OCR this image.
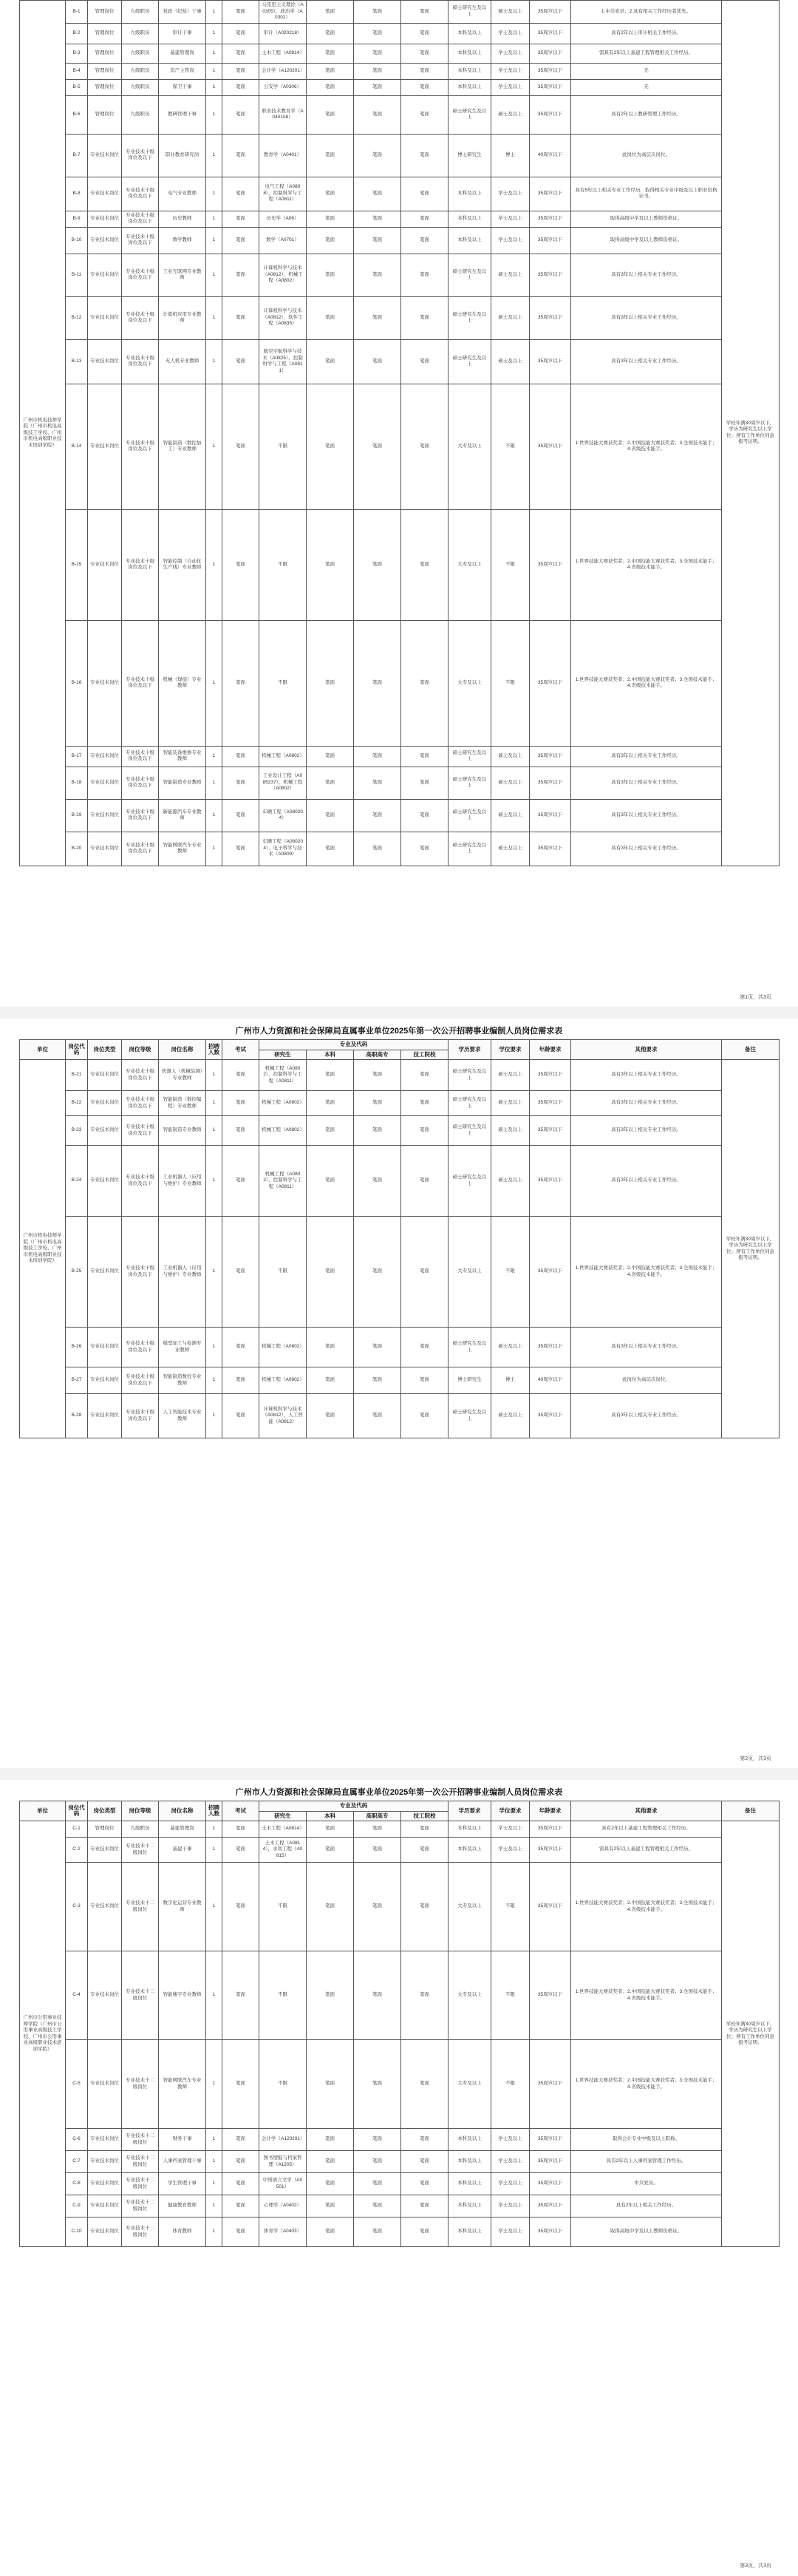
广州市机电技师学院（广州市机电高级技工学校、广州市机电高级职业技术培训学院）	B-1	管理岗位	九级职员	党政（纪检）干事	1	笔面	马克思主义理论（A0305），政治学（A0302）	笔面	笔面	笔面	硕士研究生及以上	硕士及以上	35周岁以下	1.中共党员；2.具有相关工作经历者优先。	学校年满30周岁以下，学历为研究生以上学位；须有工作单位同意报考证明。
	B-2	管理岗位	九级职员	审计干事	1	笔面	审计（A020218）	笔面	笔面	笔面	本科及以上	学士及以上	35周岁以下	具有2年以上审计相关工作经历。	
	B-3	管理岗位	九级职员	基建管理岗	1	笔面	土木工程（A0814）	笔面	笔面	笔面	本科及以上	学士及以上	35周岁以下	需具有2年以上基建工程管理相关工作经历。	
	B-4	管理岗位	九级职员	资产主管岗	1	笔面	会计学（A120201）	笔面	笔面	笔面	本科及以上	学士及以上	35周岁以下	无	
	B-5	管理岗位	九级职员	保卫干事	1	笔面	公安学（A0306）	笔面	笔面	笔面	本科及以上	学士及以上	35周岁以下	无	
	B-6	管理岗位	九级职员	教研管理干事	1	笔面	职业技术教育学（A040108）	笔面	笔面	笔面	硕士研究生及以上	硕士及以上	35周岁以下	具有2年以上教研管理工作经历。	
	B-7	专业技术岗位	专业技术十级岗位及以下	职业教育研究岗	1	笔面	教育学（A0401）	笔面	笔面	笔面	博士研究生	博士	40周岁以下	此岗位为高层次岗位。	
	B-8	专业技术岗位	专业技术十级岗位及以下	电气专业教师	1	笔面	电气工程（A0808），控制科学与工程（A0811）	笔面	笔面	笔面	本科及以上	学士及以上	35周岁以下	具有5年以上相关专业工作经历，取得相关专业中级及以上职业资格证书。	
	B-9	专业技术岗位	专业技术十级岗位及以下	历史教师	1	笔面	历史学（A06）	笔面	笔面	笔面	本科及以上	学士及以上	35周岁以下	取得高级中学及以上教师资格证。	
	B-10	专业技术岗位	专业技术十级岗位及以下	数学教师	1	笔面	数学（A0701）	笔面	笔面	笔面	本科及以上	学士及以上	35周岁以下	取得高级中学及以上教师资格证。	
	B-11	专业技术岗位	专业技术十级岗位及以下	工业互联网专业教师	1	笔面	计算机科学与技术（A0812），机械工程（A0802）	笔面	笔面	笔面	硕士研究生及以上	硕士及以上	35周岁以下	具有3年以上相关专业工作经历。	
	B-12	专业技术岗位	专业技术十级岗位及以下	计算机应用专业教师	1	笔面	计算机科学与技术（A0812），软件工程（A0835）	笔面	笔面	笔面	硕士研究生及以上	硕士及以上	35周岁以下	具有3年以上相关专业工作经历。	
	B-13	专业技术岗位	专业技术十级岗位及以下	无人机专业教师	1	笔面	航空宇航科学与技术（A0825），控制科学与工程（A0811）	笔面	笔面	笔面	硕士研究生及以上	硕士及以上	35周岁以下	具有3年以上相关专业工作经历。	
	B-14	专业技术岗位	专业技术十级岗位及以下	智能制造（数控加工）专业教师	1	笔面	不限	笔面	笔面	笔面	大专及以上	不限	35周岁以下	1.世界技能大赛获奖者；2.中国技能大赛获奖者；3.全国技术能手；4.省级技术能手。	
	B-15	专业技术岗位	专业技术十级岗位及以下	智能控制（自动化生产线）专业教师	1	笔面	不限	笔面	笔面	笔面	大专及以上	不限	35周岁以下	1.世界技能大赛获奖者；2.中国技能大赛获奖者；3.全国技术能手；4.省级技术能手。	
	B-16	专业技术岗位	专业技术十级岗位及以下	机械（焊接）专业教师	1	笔面	不限	笔面	笔面	笔面	大专及以上	不限	35周岁以下	1.世界技能大赛获奖者；2.中国技能大赛获奖者；3.全国技术能手；4.省级技术能手。	
	B-17	专业技术岗位	专业技术十级岗位及以下	智能装备维修专业教师	1	笔面	机械工程（A0802）	笔面	笔面	笔面	硕士研究生及以上	硕士及以上	35周岁以下	具有3年以上相关专业工作经历。	
	B-18	专业技术岗位	专业技术十级岗位及以下	智能制造专业教师	1	笔面	工业设计工程（A085237），机械工程（A0802）	笔面	笔面	笔面	硕士研究生及以上	硕士及以上	35周岁以下	具有3年以上相关专业工作经历。	
	B-19	专业技术岗位	专业技术十级岗位及以下	新能源汽车专业教师	1	笔面	车辆工程（A080204）	笔面	笔面	笔面	硕士研究生及以上	硕士及以上	35周岁以下	具有3年以上相关专业工作经历。	
	B-20	专业技术岗位	专业技术十级岗位及以下	智能网联汽车专业教师	1	笔面	车辆工程（A080204），电子科学与技术（A0809）	笔面	笔面	笔面	硕士研究生及以上	硕士及以上	35周岁以下	具有3年以上相关专业工作经历。	
第1页，共3页
广州市人力资源和社会保障局直属事业单位2025年第一次公开招聘事业编制人员岗位需求表
单位	岗位代码	岗位类型	岗位等级	岗位名称	招聘人数	考试	专业及代码				学历要求	学位要求	年龄要求	其他要求	备注
							研究生	本科	高职高专	技工院校					
广州市机电技师学院（广州市机电高级技工学校、广州市机电高级职业技术培训学院）	B-21	专业技术岗位	专业技术十级岗位及以下	机器人（机械装调）专业教师	1	笔面	机械工程（A0802），控制科学与工程（A0811）	笔面	笔面	笔面	硕士研究生及以上	硕士及以上	35周岁以下	具有3年以上相关专业工作经历。	学校年满30周岁以下，学历为研究生以上学位；须有工作单位同意报考证明。
	B-22	专业技术岗位	专业技术十级岗位及以下	智能制造（数控编程）专业教师	1	笔面	机械工程（A0802）	笔面	笔面	笔面	硕士研究生及以上	硕士及以上	35周岁以下	具有3年以上相关专业工作经历。	
	B-23	专业技术岗位	专业技术十级岗位及以下	智能制造专业教师	1	笔面	机械工程（A0802）	笔面	笔面	笔面	硕士研究生及以上	硕士及以上	35周岁以下	具有3年以上相关专业工作经历。	
	B-24	专业技术岗位	专业技术十级岗位及以下	工业机器人（应用与维护）专业教师	1	笔面	机械工程（A0802），控制科学与工程（A0811）	笔面	笔面	笔面	硕士研究生及以上	硕士及以上	35周岁以下	具有3年以上相关专业工作经历。	
	B-25	专业技术岗位	专业技术十级岗位及以下	工业机器人（应用与维护）专业教师	1	笔面	不限	笔面	笔面	笔面	大专及以上	不限	35周岁以下	1.世界技能大赛获奖者；2.中国技能大赛获奖者；3.全国技术能手；4.省级技术能手。	
	B-26	专业技术岗位	专业技术十级岗位及以下	模型加工与检测专业教师	1	笔面	机械工程（A0802）	笔面	笔面	笔面	硕士研究生及以上	硕士及以上	35周岁以下	具有3年以上相关专业工作经历。	
	B-27	专业技术岗位	专业技术十级岗位及以下	智能制造数控专业教师	1	笔面	机械工程（A0802）	笔面	笔面	笔面	博士研究生	博士	40周岁以下	此岗位为高层次岗位。	
	B-28	专业技术岗位	专业技术十级岗位及以下	人工智能技术专业教师	1	笔面	计算机科学与技术（A0812），人工智能（A0812）	笔面	笔面	笔面	硕士研究生及以上	硕士及以上	35周岁以下	具有3年以上相关专业工作经历。	
第2页，共3页
广州市人力资源和社会保障局直属事业单位2025年第一次公开招聘事业编制人员岗位需求表
单位	岗位代码	岗位类型	岗位等级	岗位名称	招聘人数	考试	专业及代码				学历要求	学位要求	年龄要求	其他要求	备注
							研究生	本科	高职高专	技工院校					
广州市公用事业技师学院（广州市公用事业高级技工学校、广州市公用事业高级职业技术培训学院）	C-1	管理岗位	九级职员	基建管理岗	1	笔面	土木工程（A0814）	笔面	笔面	笔面	本科及以上	学士及以上	35周岁以下	具有2年以上基建工程管理相关工作经历。	学校年满30周岁以下，学历为研究生以上学位；须有工作单位同意报考证明。
	C-2	专业技术岗位	专业技术十二级岗位	基建干事	1	笔面	土木工程（A0814），水利工程（A0815）	笔面	笔面	笔面	本科及以上	学士及以上	35周岁以下	需具有2年以上基建工程管理相关工作经历。	
	C-3	专业技术岗位	专业技术十二级岗位	数字化运营专业教师	1	笔面	不限	笔面	笔面	笔面	大专及以上	不限	35周岁以下	1.世界技能大赛获奖者；2.中国技能大赛获奖者；3.全国技术能手；4.省级技术能手。	
	C-4	专业技术岗位	专业技术十二级岗位	智能楼宇专业教师	1	笔面	不限	笔面	笔面	笔面	大专及以上	不限	35周岁以下	1.世界技能大赛获奖者；2.中国技能大赛获奖者；3.全国技术能手；4.省级技术能手。	
	C-5	专业技术岗位	专业技术十二级岗位	智能网联汽车专业教师	1	笔面	不限	笔面	笔面	笔面	大专及以上	不限	35周岁以下	1.世界技能大赛获奖者；2.中国技能大赛获奖者；3.全国技术能手；4.省级技术能手。	
	C-6	专业技术岗位	专业技术十二级岗位	财务干事	1	笔面	会计学（A120201）	笔面	笔面	笔面	本科及以上	学士及以上	35周岁以下	取得会计专业中级及以上职称。	
	C-7	专业技术岗位	专业技术十二级岗位	人事档案管理干事	1	笔面	图书情报与档案管理（A1205）	笔面	笔面	笔面	本科及以上	学士及以上	35周岁以下	具有2年以上人事档案管理工作经历。	
	C-8	专业技术岗位	专业技术十二级岗位	学生管理干事	1	笔面	中国语言文学（A0501）	笔面	笔面	笔面	本科及以上	学士及以上	35周岁以下	中共党员。	
	C-9	专业技术岗位	专业技术十二级岗位	健康教育教师	1	笔面	心理学（A0402）	笔面	笔面	笔面	本科及以上	学士及以上	35周岁以下	具有2年以上相关工作经历。	
	C-10	专业技术岗位	专业技术十二级岗位	体育教师	1	笔面	体育学（A0403）	笔面	笔面	笔面	本科及以上	学士及以上	35周岁以下	取得高级中学及以上教师资格证。	
第3页，共3页
